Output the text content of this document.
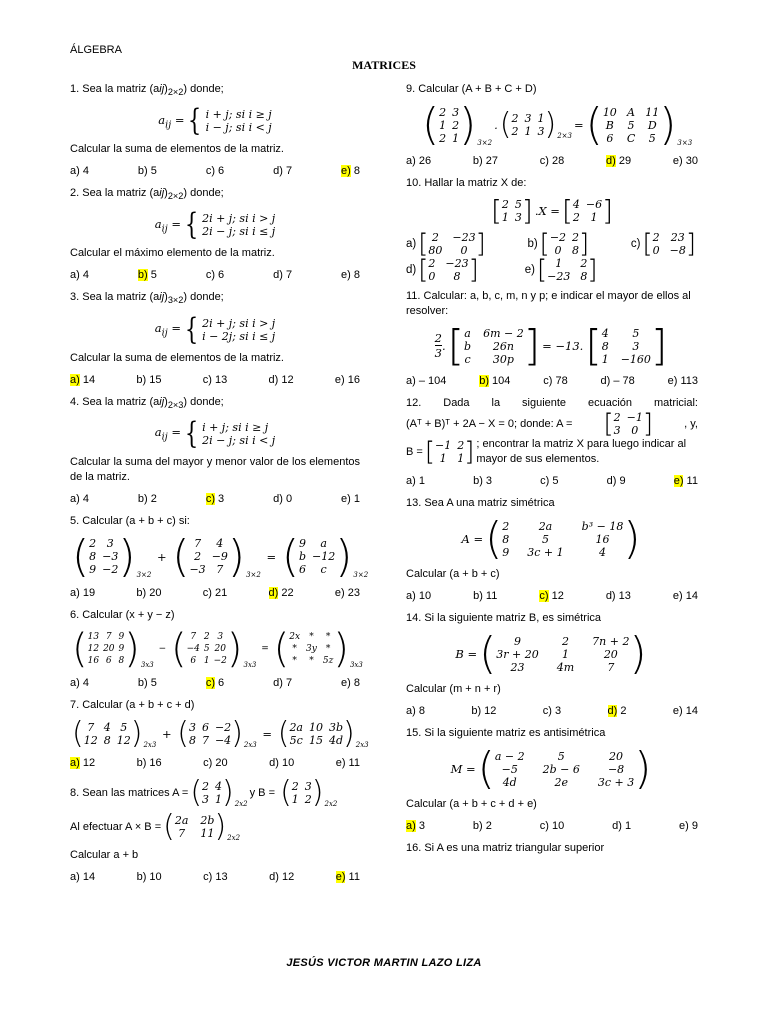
ÁLGEBRA
MATRICES
1. Sea la matriz $(aij)_{2\times 2}$) donde;
$a_{ij}$ = { i + j; si i ≥ j
i − j; si i < j
Calcular la suma de elementos de la matriz.
a) 4	b) 5	c) 6	d) 7	e) 8
2. Sea la matriz $(aij)_{2\times 2}$) donde;
$a_{ij}$ = { 2i + j; si i > j
2i − j; si i ≤ j
Calcular el máximo elemento de la matriz.
a) 4	b) 5	c) 6	d) 7	e) 8
3. Sea la matriz $(aij)_{3\times 2}$) donde;
$a_{ij}$ = { 2i + j; si i > j
i − 2j; si i ≤ j
Calcular la suma de elementos de la matriz.
a) 14	b) 15	c) 13	d) 12	e) 16
4. Sea la matriz $(aij)_{2\times 3}$) donde;
$a_{ij}$ = { i + j; si i ≥ j
2i − j; si i < j
Calcular la suma del mayor y menor valor de los elementos de la matriz.
a) 4	b) 2	c) 3	d) 0	e) 1
5. Calcular (a + b + c) si:
( 2 3
8 −3
9 −2 ) 3×2
+ ( 7	4
2 −9
−3 7 ) 3×2
= ( 9	a
b −12
6	c ) 3×2
a) 19	b) 20	c) 21	d) 22	e) 23
6. Calcular (x + y − z)
( 13 7 9
12 20 9
16 6 8 ) 3x3
− ( 7 2 3
−4 5 20
6 1 −2 ) 3x3
= ( 2x	*	*
*	3y *
*	*	5z ) 3x3
a) 4	b) 5	c) 6	d) 7	e) 8
7. Calcular (a + b + c + d)
( 7 4 5
12 8 12 ) 2x3
+ ( 3 6 −2
8 7 −4 ) 2x3
= ( 2a 10 3b
5c 15 4d ) 2x3
a) 12	b) 16	c) 20	d) 10	e) 11
8. Sean las matrices A = ( 2 4
3 1 ) 2x2
y B =
( 2 3
1 2 ) 2x2
Al efectuar A × B = ( 2a 2b
7 11 ) 2x2
Calcular a + b
a) 14	b) 10	c) 13	d) 12	e) 11
9. Calcular (A + B + C + D)
( 2 3
1 2
2 1 ) 3×2
. ( 2 3 1
2 1 3 ) 2×3
= ( 10 A 11
B 5 D
6	C	5 ) 3×3
a) 26	b) 27	c) 28	d) 29	e) 30
10. Hallar la matriz X de:
[ 2 5
1 3 ] .X = [ 4 −6
2 1 ]
a) [ 2	−23
80	0 ]	b) [ −2 2
0 8 ]	c) [ 2 23
0 −8 ]
d) [ 2 −23
0	8 ]	e) [ 1	2
−23 8 ]
11. Calcular: a, b, c, m, n y p; e indicar el mayor de ellos al resolver:
2
3 . [ a 6m − 2
b	26n
c	30p ] = −13. [ 4	5
8	3
1 −160 ]
a) – 104	b) 104	c) 78	d) – 78	e) 113
12. Dada la siguiente ecuación matricial:
(Aᵀ + B)ᵀ + 2A − X = 0; donde: A = [ 2 −1
3 0 ]	, y,
B = [ −1 2
1 1 ] ; encontrar la matriz X para luego indicar al mayor de sus elementos.
a) 1	b) 3	c) 5	d) 9	e) 11
13. Sea A una matriz simétrica
A = ( 2	2a	b³ − 18
8	5	16
9 3c + 1	4 )
Calcular (a + b + c)
a) 10	b) 11	c) 12	d) 13	e) 14
14. Si la siguiente matriz B, es simétrica
B = (	9	2	7n + 2
3r + 20	1	20
23	4m	7 )
Calcular (m + n + r)
a) 8	b) 12	c) 3	d) 2	e) 14
15. Si la siguiente matriz es antisimétrica
M = ( a − 2	5	20
−5	2b − 6	−8
4d	2e	3c + 3 )
Calcular (a + b + c + d + e)
a) 3	b) 2	c) 10	d) 1	e) 9
16. Si A es una matriz triangular superior
JESÚS VICTOR MARTIN LAZO LIZA
